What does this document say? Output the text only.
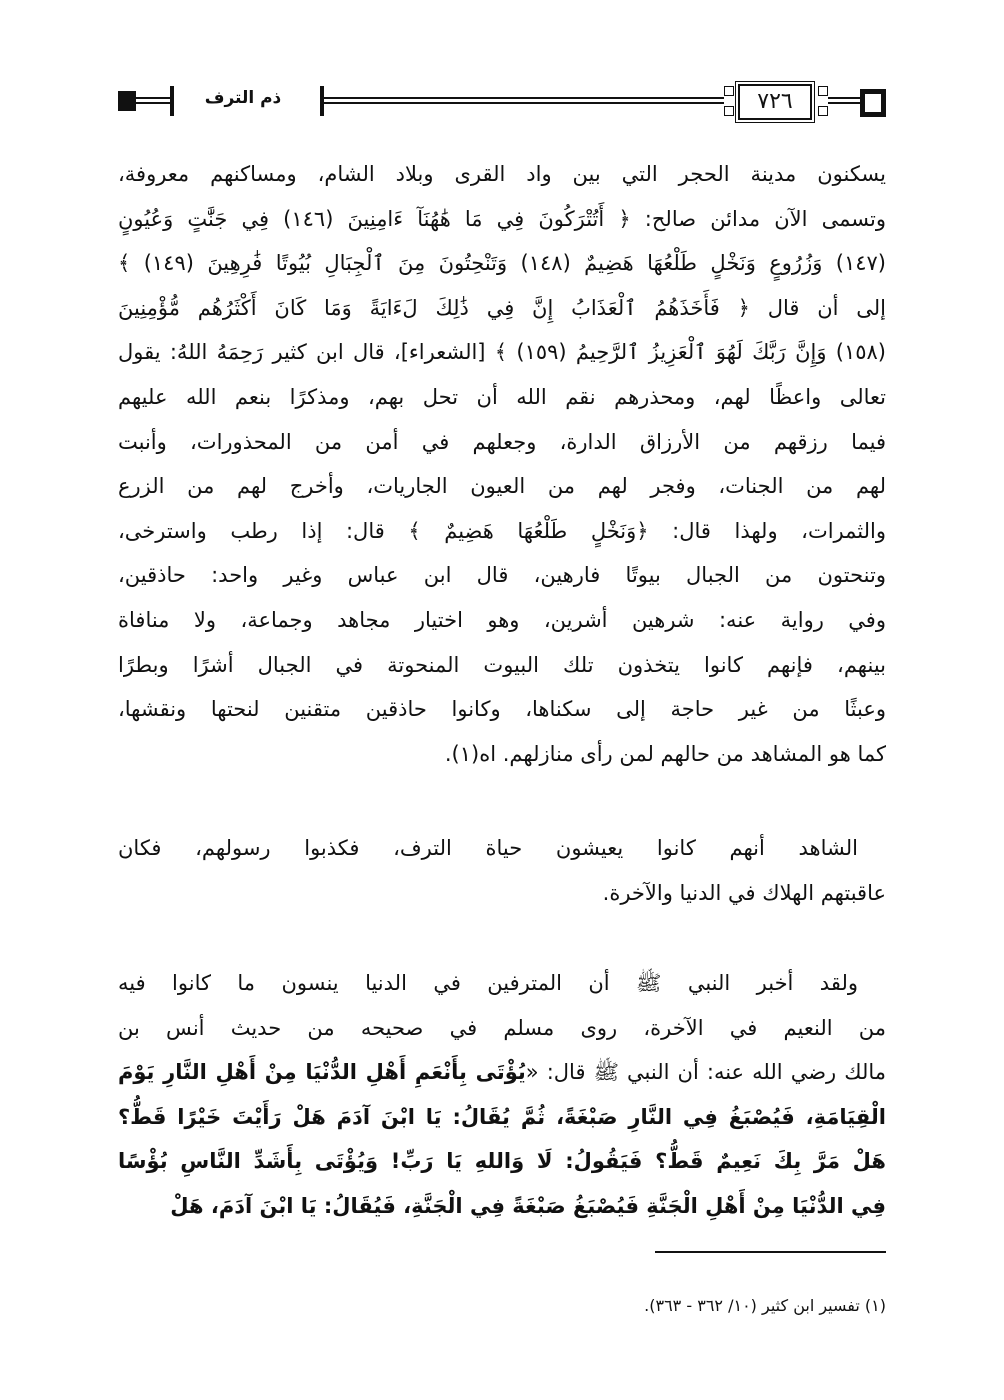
ذم الترف	٧٢٦
يسكنون مدينة الحجر التي بين واد القرى وبلاد الشام، ومساكنهم معروفة،
وتسمى الآن مدائن صالح: ﴿ أَتُتْرَكُونَ فِي مَا هَٰهُنَآ ءَامِنِينَ (١٤٦) فِي جَنَّٰتٍ وَعُيُونٍ
(١٤٧) وَزُرُوعٍ وَنَخْلٍ طَلْعُهَا هَضِيمٌ (١٤٨) وَتَنْحِتُونَ مِنَ ٱلْجِبَالِ بُيُوتًا فَٰرِهِينَ (١٤٩) ﴾
إلى أن قال ﴿ فَأَخَذَهُمُ ٱلْعَذَابُ إِنَّ فِي ذَٰلِكَ لَءَايَةً وَمَا كَانَ أَكْثَرُهُم مُّؤْمِنِينَ
(١٥٨) وَإِنَّ رَبَّكَ لَهُوَ ٱلْعَزِيزُ ٱلرَّحِيمُ (١٥٩) ﴾ [الشعراء]، قال ابن كثير رَحِمَهُ اللهُ: يقول
تعالى واعظًا لهم، ومحذرهم نقم الله أن تحل بهم، ومذكرًا بنعم الله عليهم
فيما رزقهم من الأرزاق الدارة، وجعلهم في أمن من المحذورات، وأنبت
لهم من الجنات، وفجر لهم من العيون الجاريات، وأخرج لهم من الزرع
والثمرات، ولهذا قال: ﴿وَنَخْلٍ طَلْعُهَا هَضِيمٌ ﴾ قال: إذا رطب واسترخى،
وتنحتون من الجبال بيوتًا فارهين، قال ابن عباس وغير واحد: حاذقين،
وفي رواية عنه: شرهين أشرين، وهو اختيار مجاهد وجماعة، ولا منافاة
بينهم، فإنهم كانوا يتخذون تلك البيوت المنحوتة في الجبال أشرًا وبطرًا
وعبثًا من غير حاجة إلى سكناها، وكانوا حاذقين متقنين لنحتها ونقشها،
كما هو المشاهد من حالهم لمن رأى منازلهم. اه(١).
الشاهد أنهم كانوا يعيشون حياة الترف، فكذبوا رسولهم، فكان
عاقبتهم الهلاك في الدنيا والآخرة.
ولقد أخبر النبي ﷺ أن المترفين في الدنيا ينسون ما كانوا فيه
من النعيم في الآخرة، روى مسلم في صحيحه من حديث أنس بن
مالك رضي الله عنه: أن النبي ﷺ قال: «يُؤْتَى بِأَنْعَمِ أَهْلِ الدُّنْيَا مِنْ أَهْلِ النَّارِ يَوْمَ
الْقِيَامَةِ، فَيُصْبَغُ فِي النَّارِ صَبْغَةً، ثُمَّ يُقَالُ: يَا ابْنَ آدَمَ هَلْ رَأَيْتَ خَيْرًا قَطُّ؟
هَلْ مَرَّ بِكَ نَعِيمٌ قَطُّ؟ فَيَقُولُ: لَا وَاللهِ يَا رَبِّ! وَيُؤْتَى بِأَشَدِّ النَّاسِ بُؤْسًا
فِي الدُّنْيَا مِنْ أَهْلِ الْجَنَّةِ فَيُصْبَغُ صَبْغَةً فِي الْجَنَّةِ، فَيُقَالُ: يَا ابْنَ آدَمَ، هَلْ
(١) تفسير ابن كثير (١٠/ ٣٦٢ - ٣٦٣).
